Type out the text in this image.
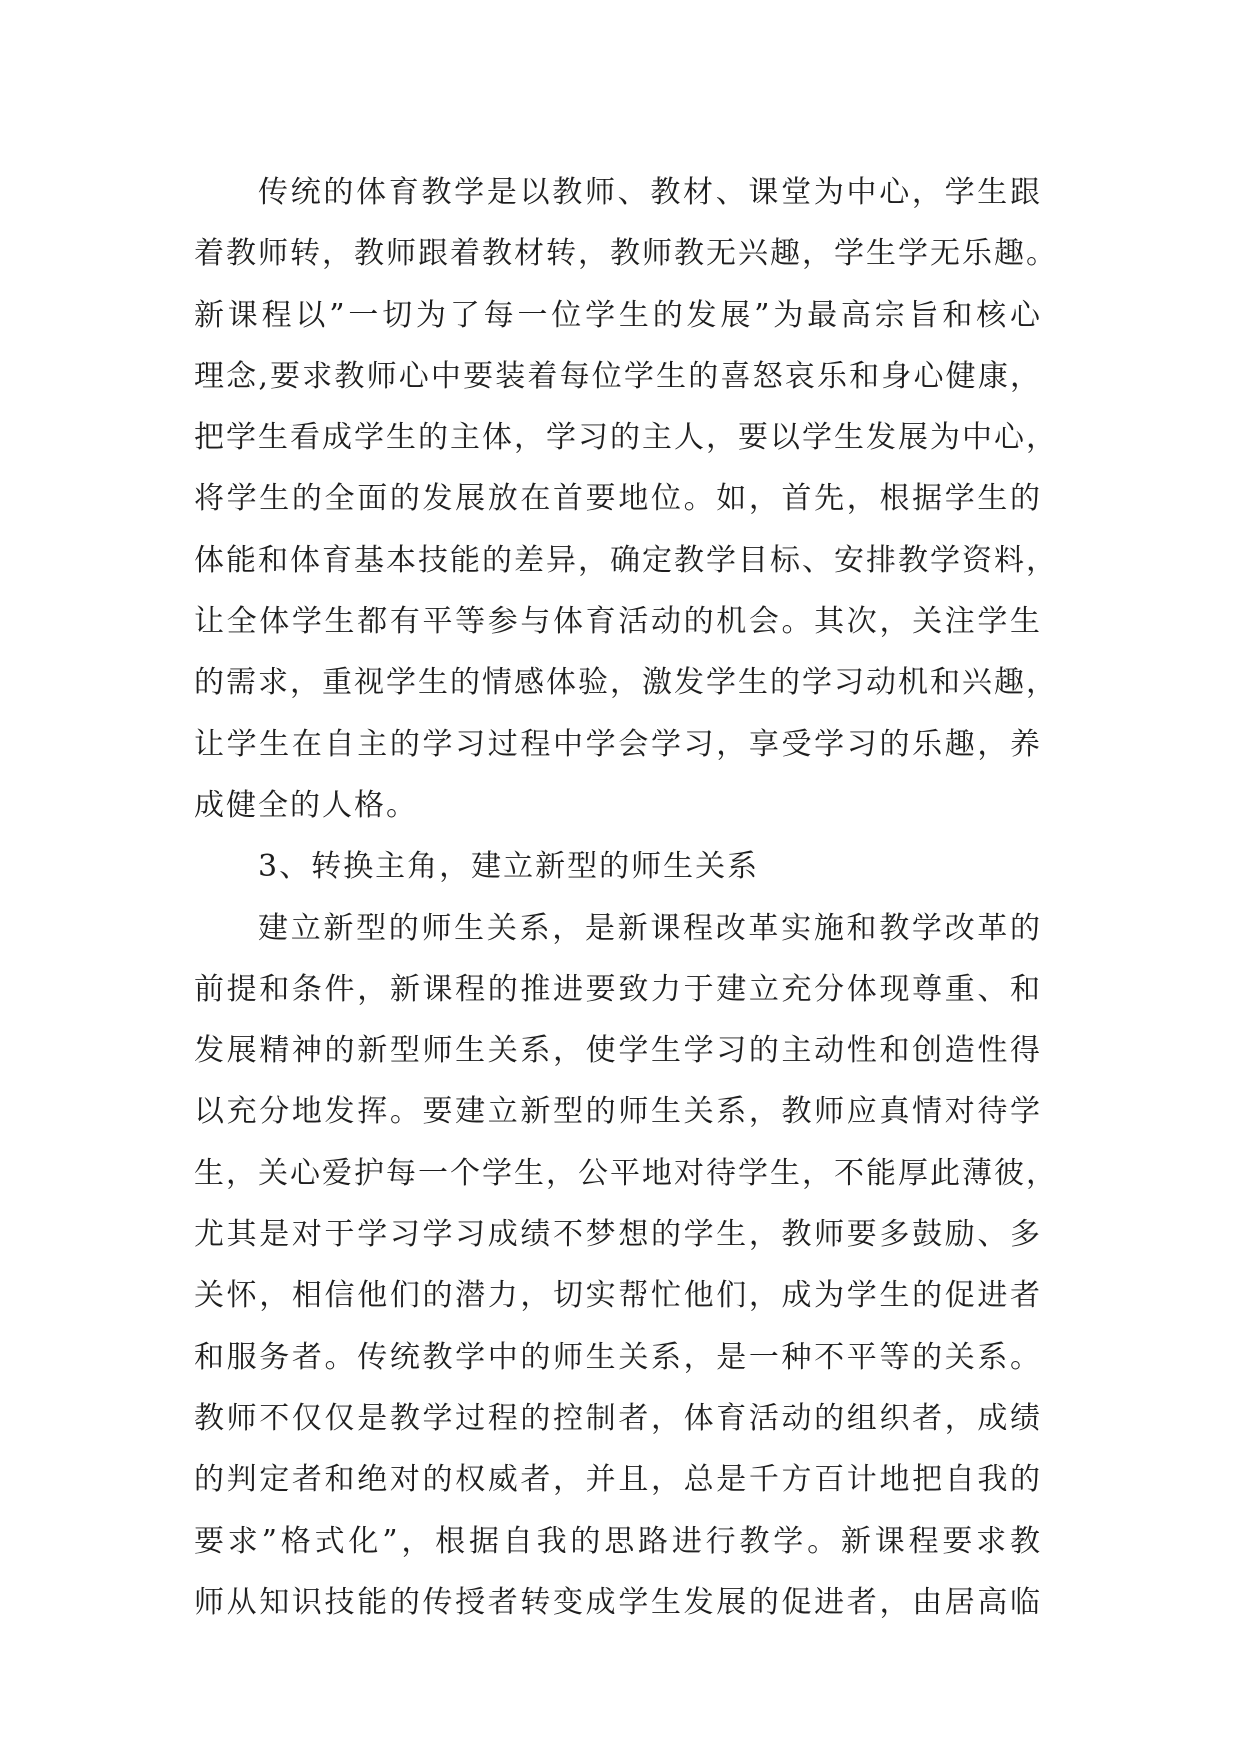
传统的体育教学是以教师、教材、课堂为中心，学生跟
着教师转，教师跟着教材转，教师教无兴趣，学生学无乐趣。
新课程以”一切为了每一位学生的发展”为最高宗旨和核心
理念,要求教师心中要装着每位学生的喜怒哀乐和身心健康，
把学生看成学生的主体，学习的主人，要以学生发展为中心，
将学生的全面的发展放在首要地位。如，首先，根据学生的
体能和体育基本技能的差异，确定教学目标、安排教学资料，
让全体学生都有平等参与体育活动的机会。其次，关注学生
的需求，重视学生的情感体验，激发学生的学习动机和兴趣，
让学生在自主的学习过程中学会学习，享受学习的乐趣，养
成健全的人格。
3、转换主角，建立新型的师生关系
建立新型的师生关系，是新课程改革实施和教学改革的
前提和条件，新课程的推进要致力于建立充分体现尊重、和
发展精神的新型师生关系，使学生学习的主动性和创造性得
以充分地发挥。要建立新型的师生关系，教师应真情对待学
生，关心爱护每一个学生，公平地对待学生，不能厚此薄彼，
尤其是对于学习学习成绩不梦想的学生，教师要多鼓励、多
关怀，相信他们的潜力，切实帮忙他们，成为学生的促进者
和服务者。传统教学中的师生关系，是一种不平等的关系。
教师不仅仅是教学过程的控制者，体育活动的组织者，成绩
的判定者和绝对的权威者，并且，总是千方百计地把自我的
要求”格式化”，根据自我的思路进行教学。新课程要求教
师从知识技能的传授者转变成学生发展的促进者，由居高临
